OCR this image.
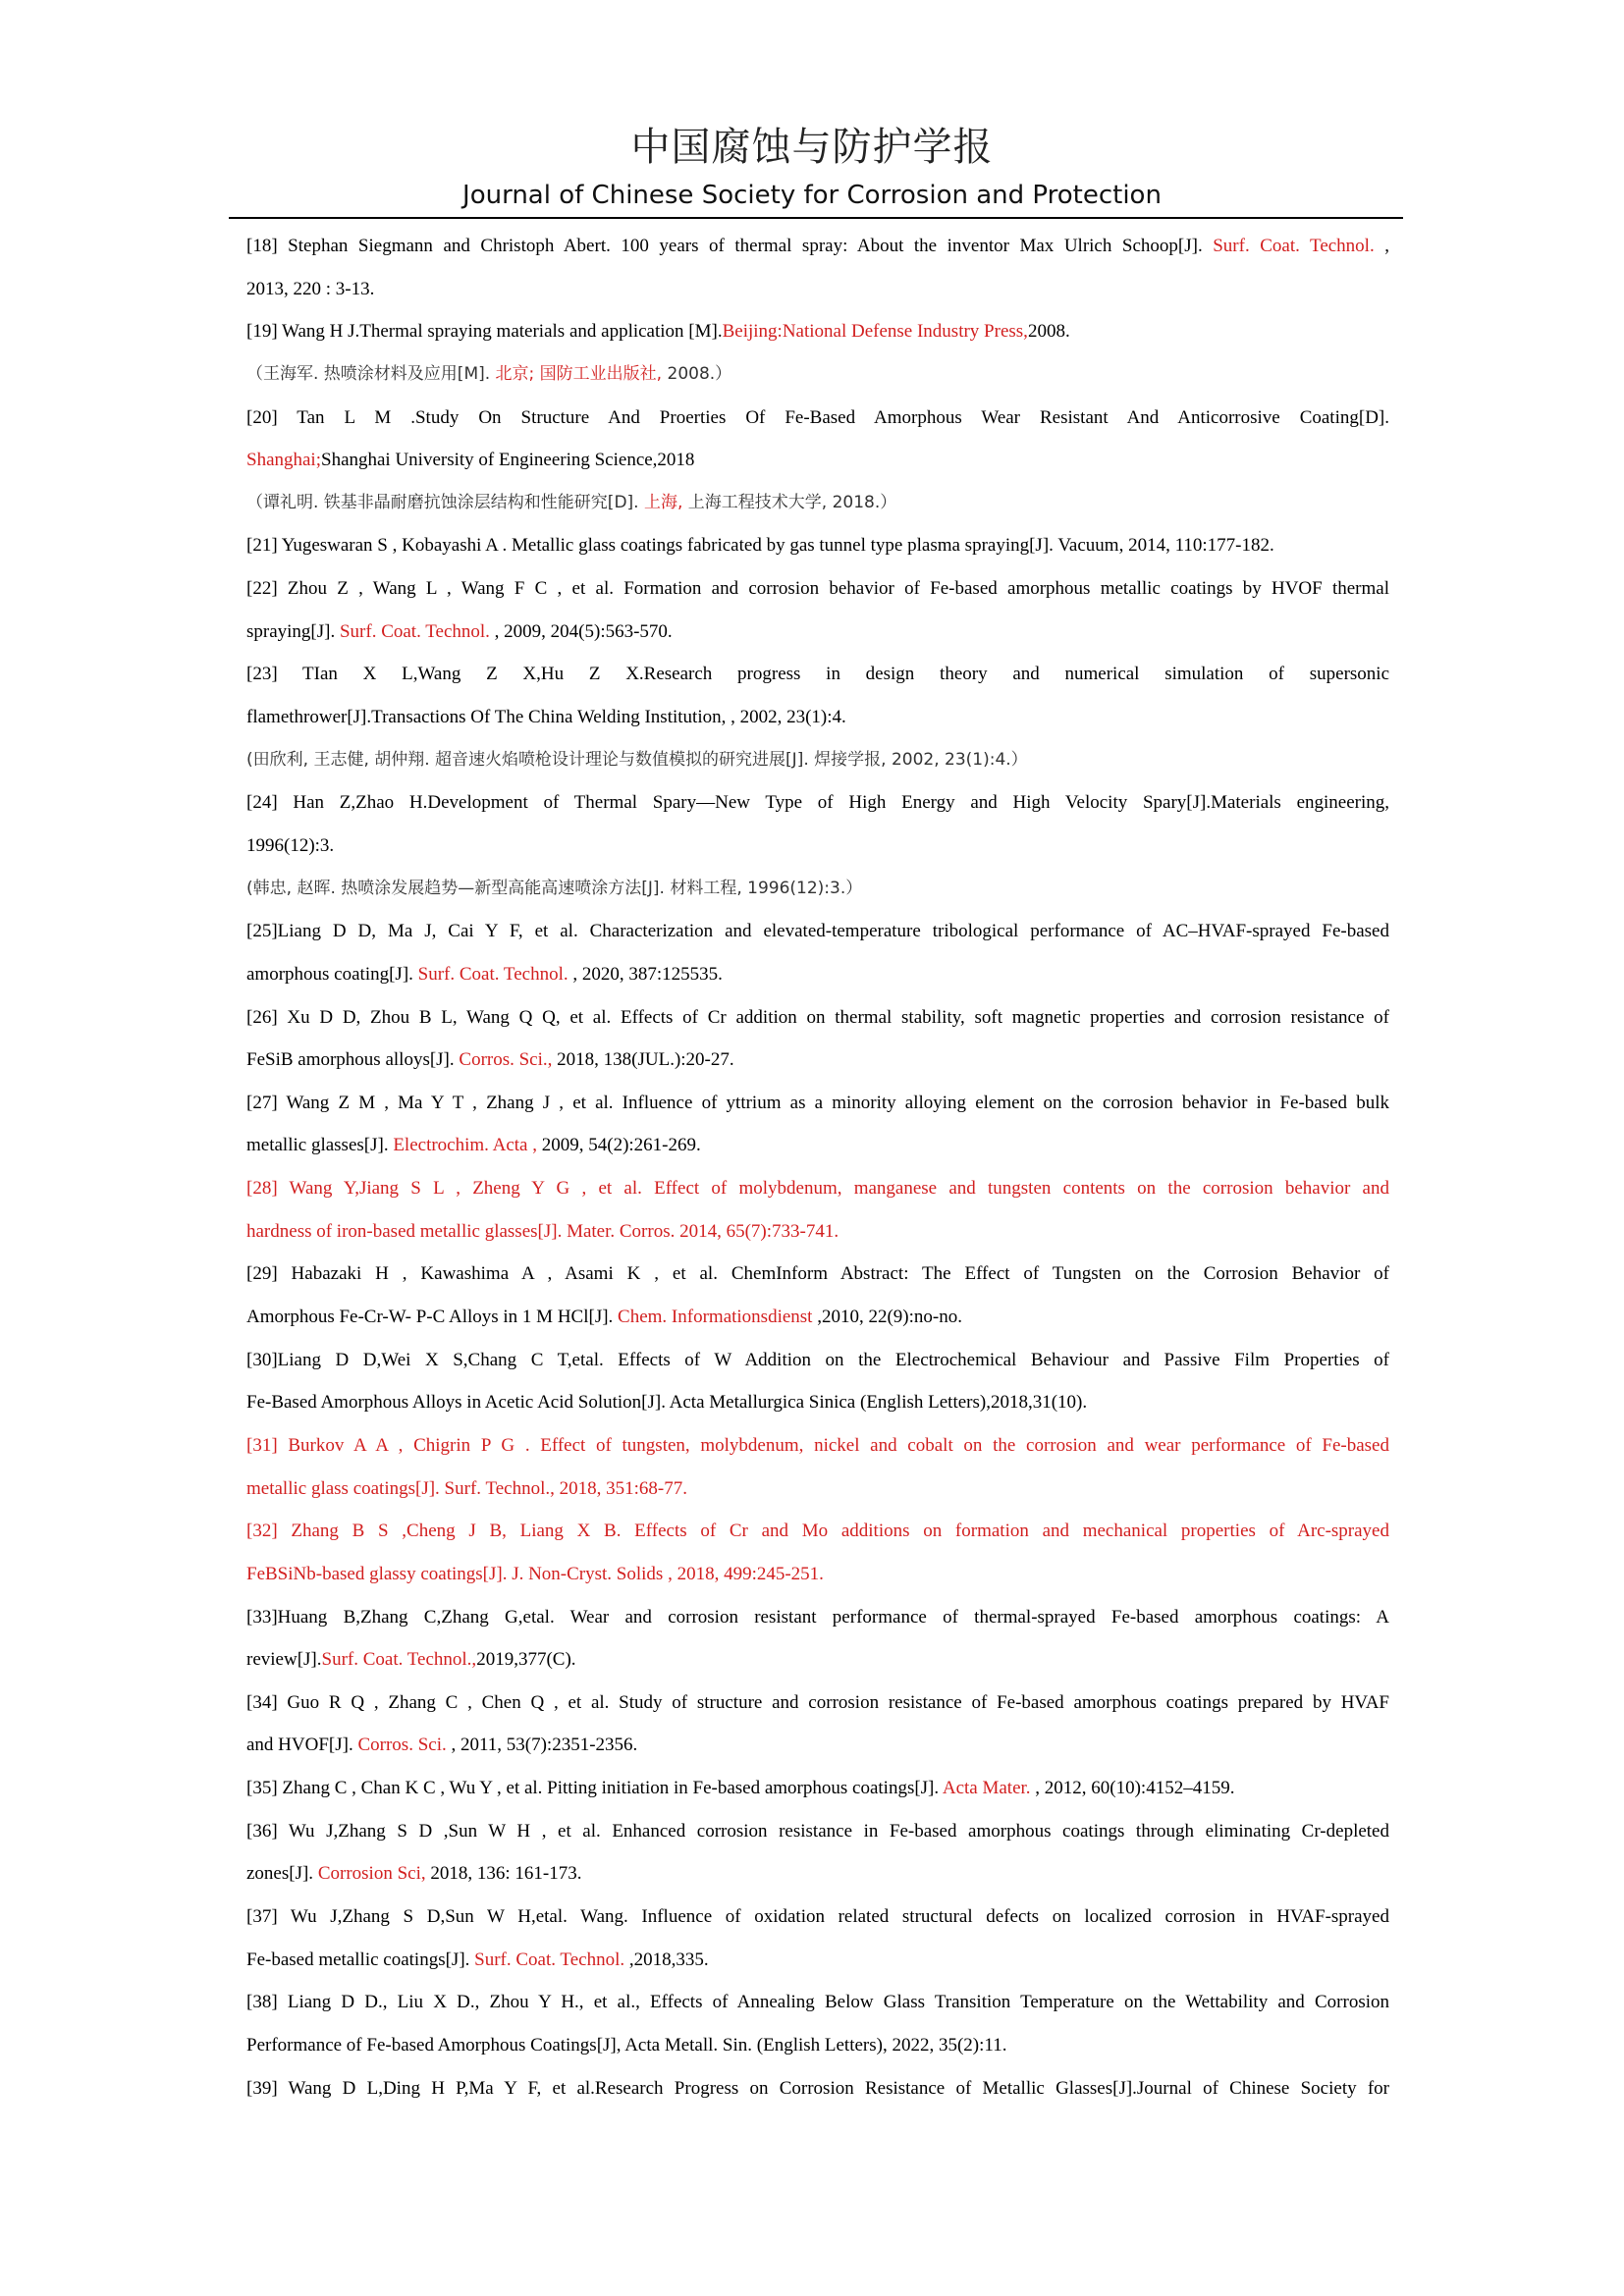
中国腐蚀与防护学报
Journal of Chinese Society for Corrosion and Protection
[18] Stephan Siegmann and Christoph Abert. 100 years of thermal spray: About the inventor Max Ulrich Schoop[J]. Surf. Coat. Technol. ,
2013, 220 : 3-13.
[19] Wang H J.Thermal spraying materials and application [M].Beijing:National Defense Industry Press,2008.
（王海军. 热喷涂材料及应用[M]. 北京; 国防工业出版社, 2008.）
[20] Tan L M .Study On Structure And Proerties Of Fe-Based Amorphous Wear Resistant And Anticorrosive Coating[D].
Shanghai;Shanghai University of Engineering Science,2018
（谭礼明. 铁基非晶耐磨抗蚀涂层结构和性能研究[D]. 上海, 上海工程技术大学, 2018.）
[21] Yugeswaran S , Kobayashi A . Metallic glass coatings fabricated by gas tunnel type plasma spraying[J]. Vacuum, 2014, 110:177-182.
[22] Zhou Z , Wang L , Wang F C , et al. Formation and corrosion behavior of Fe-based amorphous metallic coatings by HVOF thermal
spraying[J]. Surf. Coat. Technol. , 2009, 204(5):563-570.
[23] TIan X L,Wang Z X,Hu Z X.Research progress in design theory and numerical simulation of supersonic
flamethrower[J].Transactions Of The China Welding Institution, , 2002, 23(1):4.
(田欣利, 王志健, 胡仲翔. 超音速火焰喷枪设计理论与数值模拟的研究进展[J]. 焊接学报, 2002, 23(1):4.）
[24] Han Z,Zhao H.Development of Thermal Spary—New Type of High Energy and High Velocity Spary[J].Materials engineering,
1996(12):3.
(韩忠, 赵晖. 热喷涂发展趋势—新型高能高速喷涂方法[J]. 材料工程, 1996(12):3.）
[25]Liang D D, Ma J, Cai Y F, et al. Characterization and elevated-temperature tribological performance of AC–HVAF-sprayed Fe-based
amorphous coating[J]. Surf. Coat. Technol. , 2020, 387:125535.
[26] Xu D D, Zhou B L, Wang Q Q, et al. Effects of Cr addition on thermal stability, soft magnetic properties and corrosion resistance of
FeSiB amorphous alloys[J]. Corros. Sci., 2018, 138(JUL.):20-27.
[27] Wang Z M , Ma Y T , Zhang J , et al. Influence of yttrium as a minority alloying element on the corrosion behavior in Fe-based bulk
metallic glasses[J]. Electrochim. Acta , 2009, 54(2):261-269.
[28] Wang Y,Jiang S L , Zheng Y G , et al. Effect of molybdenum, manganese and tungsten contents on the corrosion behavior and
hardness of iron-based metallic glasses[J]. Mater. Corros. 2014, 65(7):733-741.
[29] Habazaki H , Kawashima A , Asami K , et al. ChemInform Abstract: The Effect of Tungsten on the Corrosion Behavior of
Amorphous Fe-Cr-W- P-C Alloys in 1 M HCl[J]. Chem. Informationsdienst ,2010, 22(9):no-no.
[30]Liang D D,Wei X S,Chang C T,etal. Effects of W Addition on the Electrochemical Behaviour and Passive Film Properties of
Fe-Based Amorphous Alloys in Acetic Acid Solution[J]. Acta Metallurgica Sinica (English Letters),2018,31(10).
[31] Burkov A A , Chigrin P G . Effect of tungsten, molybdenum, nickel and cobalt on the corrosion and wear performance of Fe-based
metallic glass coatings[J]. Surf. Technol., 2018, 351:68-77.
[32] Zhang B S ,Cheng J B, Liang X B. Effects of Cr and Mo additions on formation and mechanical properties of Arc-sprayed
FeBSiNb-based glassy coatings[J]. J. Non-Cryst. Solids , 2018, 499:245-251.
[33]Huang B,Zhang C,Zhang G,etal. Wear and corrosion resistant performance of thermal-sprayed Fe-based amorphous coatings: A
review[J].Surf. Coat. Technol.,2019,377(C).
[34] Guo R Q , Zhang C , Chen Q , et al. Study of structure and corrosion resistance of Fe-based amorphous coatings prepared by HVAF
and HVOF[J]. Corros. Sci. , 2011, 53(7):2351-2356.
[35] Zhang C , Chan K C , Wu Y , et al. Pitting initiation in Fe-based amorphous coatings[J]. Acta Mater. , 2012, 60(10):4152–4159.
[36] Wu J,Zhang S D ,Sun W H , et al. Enhanced corrosion resistance in Fe-based amorphous coatings through eliminating Cr-depleted
zones[J]. Corrosion Sci, 2018, 136: 161-173.
[37] Wu J,Zhang S D,Sun W H,etal. Wang. Influence of oxidation related structural defects on localized corrosion in HVAF-sprayed
Fe-based metallic coatings[J]. Surf. Coat. Technol. ,2018,335.
[38] Liang D D., Liu X D., Zhou Y H., et al., Effects of Annealing Below Glass Transition Temperature on the Wettability and Corrosion
Performance of Fe-based Amorphous Coatings[J], Acta Metall. Sin. (English Letters), 2022, 35(2):11.
[39] Wang D L,Ding H P,Ma Y F, et al.Research Progress on Corrosion Resistance of Metallic Glasses[J].Journal of Chinese Society for
